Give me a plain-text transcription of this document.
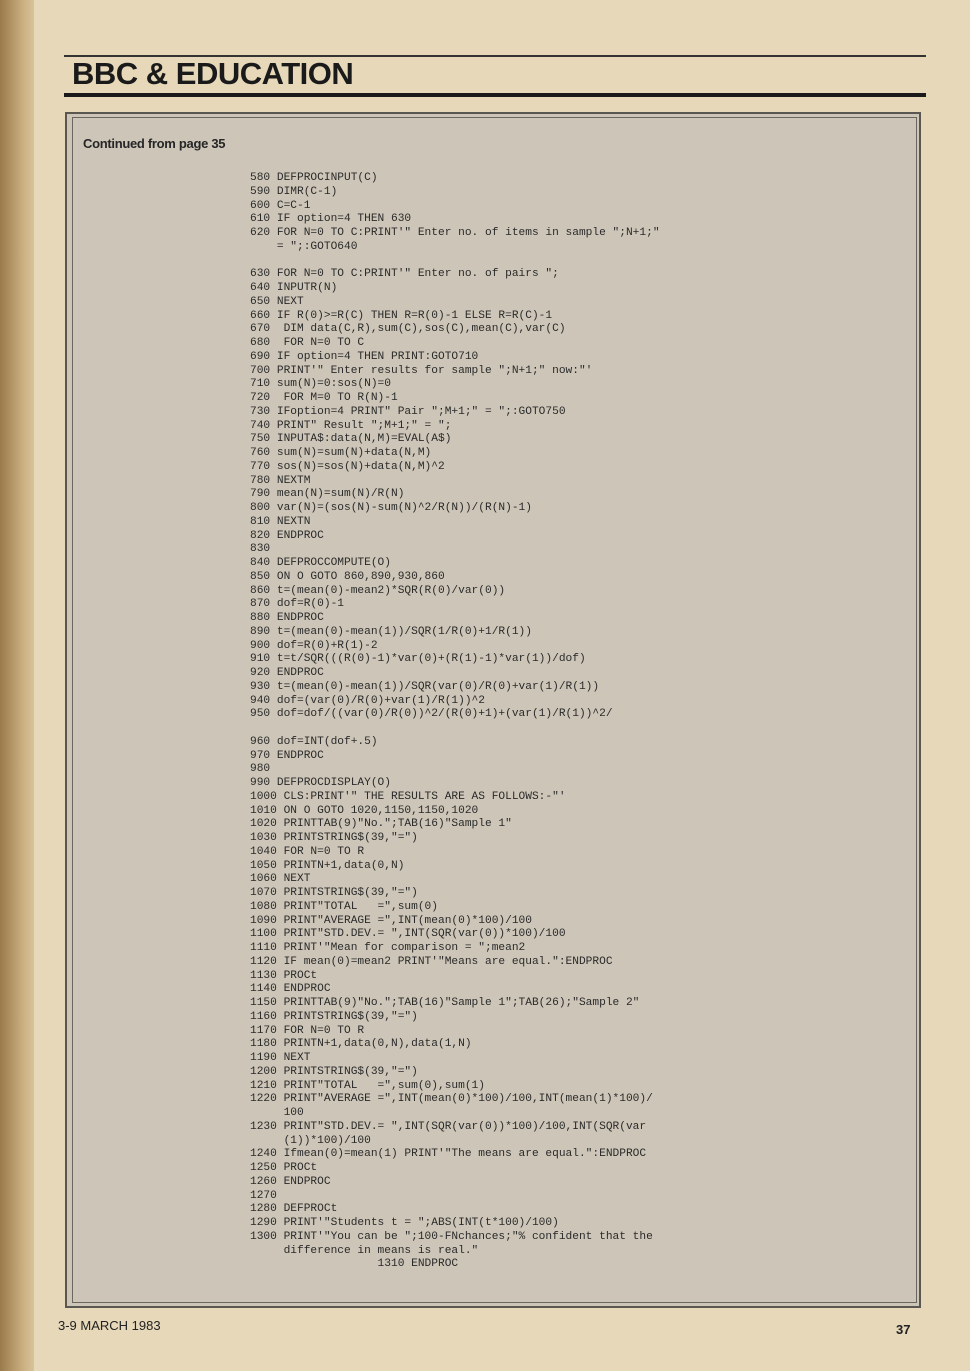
BBC & EDUCATION
Continued from page 35
580 DEFPROCINPUT(C)
590 DIMR(C-1)
600 C=C-1
610 IF option=4 THEN 630
620 FOR N=0 TO C:PRINT'" Enter no. of items in sample ";N+1;"
= ";:GOTO640
630 FOR N=0 TO C:PRINT'" Enter no. of pairs ";
640 INPUTR(N)
650 NEXT
660 IF R(0)>=R(C) THEN R=R(0)-1 ELSE R=R(C)-1
670  DIM data(C,R),sum(C),sos(C),mean(C),var(C)
680  FOR N=0 TO C
690 IF option=4 THEN PRINT:GOTO710
700 PRINT'" Enter results for sample ";N+1;" now:"'
710 sum(N)=0:sos(N)=0
720  FOR M=0 TO R(N)-1
730 IFoption=4 PRINT" Pair ";M+1;" = ";:GOTO750
740 PRINT" Result ";M+1;" = ";
750 INPUTA$:data(N,M)=EVAL(A$)
760 sum(N)=sum(N)+data(N,M)
770 sos(N)=sos(N)+data(N,M)^2
780 NEXTM
790 mean(N)=sum(N)/R(N)
800 var(N)=(sos(N)-sum(N)^2/R(N))/(R(N)-1)
810 NEXTN
820 ENDPROC
830
840 DEFPROCCOMPUTE(O)
850 ON O GOTO 860,890,930,860
860 t=(mean(0)-mean2)*SQR(R(0)/var(0))
870 dof=R(0)-1
880 ENDPROC
890 t=(mean(0)-mean(1))/SQR(1/R(0)+1/R(1))
900 dof=R(0)+R(1)-2
910 t=t/SQR(((R(0)-1)*var(0)+(R(1)-1)*var(1))/dof)
920 ENDPROC
930 t=(mean(0)-mean(1))/SQR(var(0)/R(0)+var(1)/R(1))
940 dof=(var(0)/R(0)+var(1)/R(1))^2
950 dof=dof/((var(0)/R(0))^2/(R(0)+1)+(var(1)/R(1))^2/
960 dof=INT(dof+.5)
970 ENDPROC
980
990 DEFPROCDISPLAY(O)
1000 CLS:PRINT'" THE RESULTS ARE AS FOLLOWS:-"'
1010 ON O GOTO 1020,1150,1150,1020
1020 PRINTTAB(9)"No.";TAB(16)"Sample 1"
1030 PRINTSTRING$(39,"=")
1040 FOR N=0 TO R
1050 PRINTN+1,data(0,N)
1060 NEXT
1070 PRINTSTRING$(39,"=")
1080 PRINT"TOTAL   =",sum(0)
1090 PRINT"AVERAGE =",INT(mean(0)*100)/100
1100 PRINT"STD.DEV.= ",INT(SQR(var(0))*100)/100
1110 PRINT'"Mean for comparison = ";mean2
1120 IF mean(0)=mean2 PRINT'"Means are equal.":ENDPROC
1130 PROCt
1140 ENDPROC
1150 PRINTTAB(9)"No.";TAB(16)"Sample 1";TAB(26);"Sample 2"
1160 PRINTSTRING$(39,"=")
1170 FOR N=0 TO R
1180 PRINTN+1,data(0,N),data(1,N)
1190 NEXT
1200 PRINTSTRING$(39,"=")
1210 PRINT"TOTAL   =",sum(0),sum(1)
1220 PRINT"AVERAGE =",INT(mean(0)*100)/100,INT(mean(1)*100)/
100
1230 PRINT"STD.DEV.= ",INT(SQR(var(0))*100)/100,INT(SQR(var
(1))*100)/100
1240 Ifmean(0)=mean(1) PRINT'"The means are equal.":ENDPROC
1250 PROCt
1260 ENDPROC
1270
1280 DEFPROCt
1290 PRINT'"Students t = ";ABS(INT(t*100)/100)
1300 PRINT'"You can be ";100-FNchances;"% confident that the
difference in means is real."
1310 ENDPROC
3-9 MARCH 1983	37
